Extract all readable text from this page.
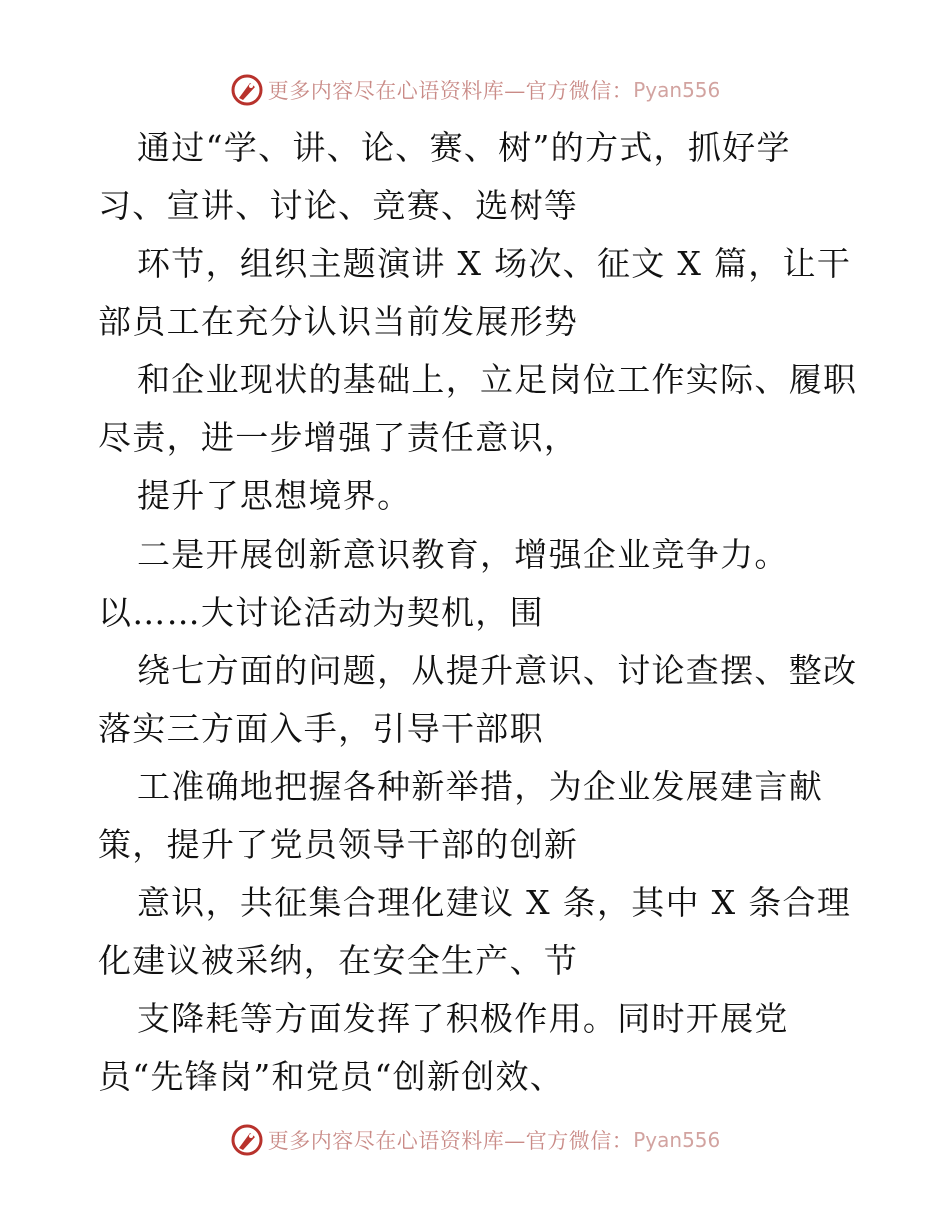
更多内容尽在心语资料库—官方微信： Pyan556
通过“学、讲、论、赛、树”的方式，抓好学
习、宣讲、讨论、竞赛、选树等
环节，组织主题演讲 X 场次、征文 X 篇，让干
部员工在充分认识当前发展形势
和企业现状的基础上，立足岗位工作实际、履职
尽责，进一步增强了责任意识，
提升了思想境界。
二是开展创新意识教育，增强企业竞争力。
以……大讨论活动为契机，围
绕七方面的问题，从提升意识、讨论查摆、整改
落实三方面入手，引导干部职
工准确地把握各种新举措，为企业发展建言献
策，提升了党员领导干部的创新
意识，共征集合理化建议 X 条，其中 X 条合理
化建议被采纳，在安全生产、节
支降耗等方面发挥了积极作用。同时开展党
员“先锋岗”和党员“创新创效、
更多内容尽在心语资料库—官方微信： Pyan556
